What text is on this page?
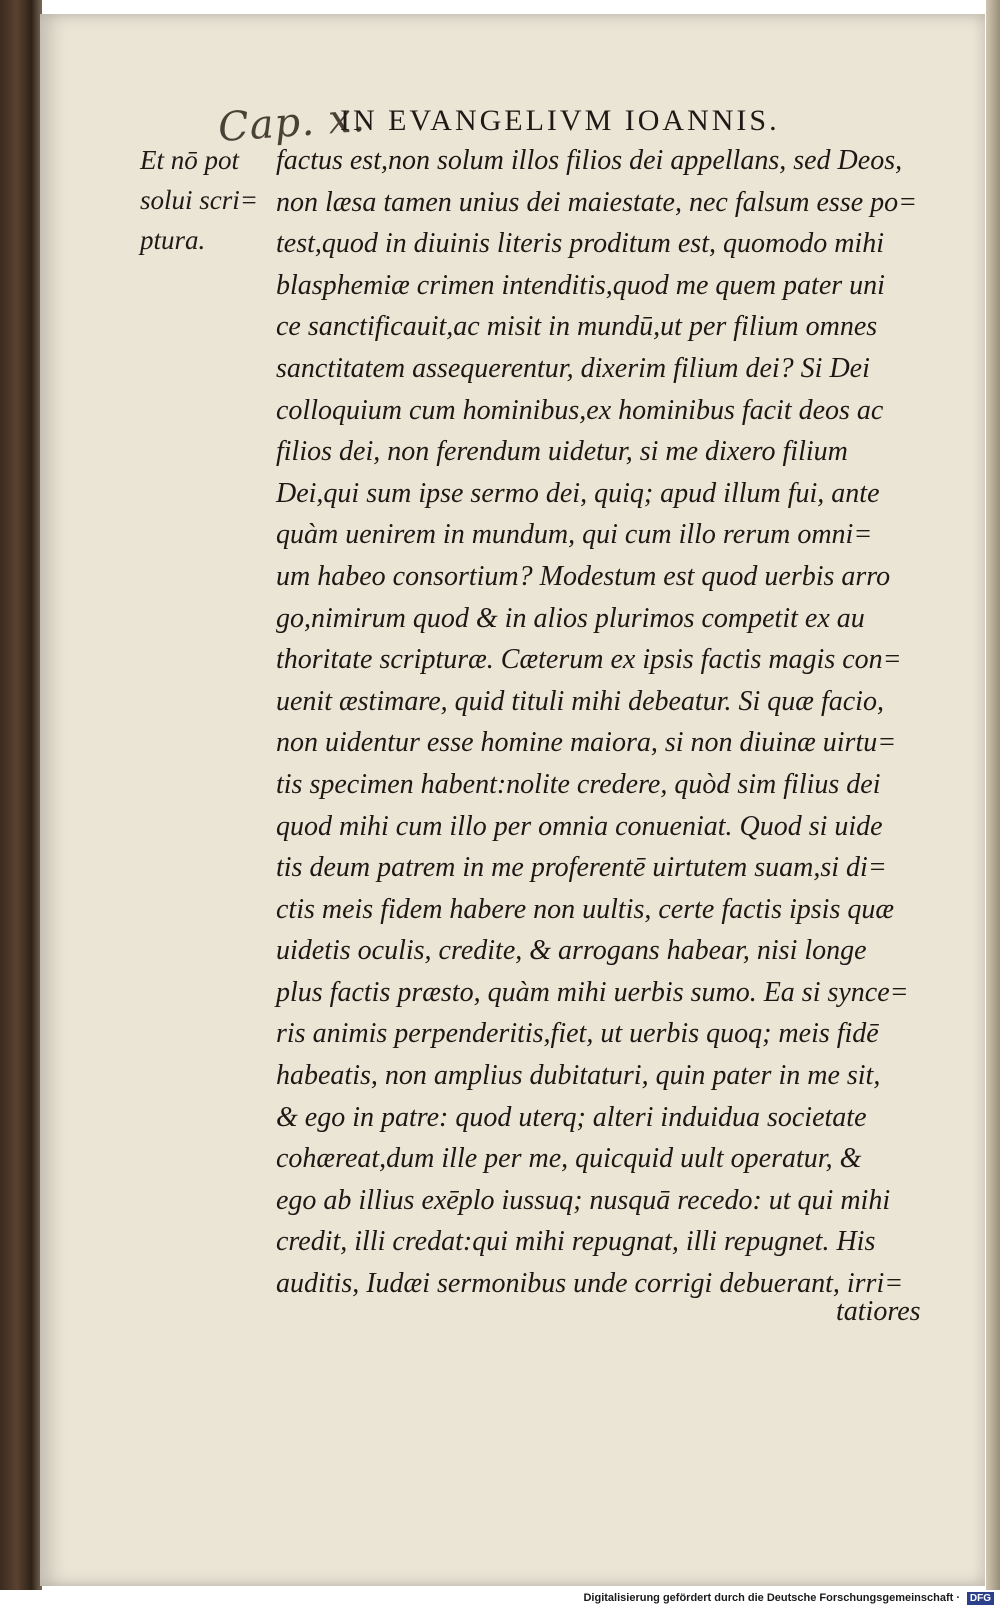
Cap. x.
IN EVANGELIVM IOANNIS.
Et nō pot
solui scri=
ptura.
factus est,non solum illos filios dei appellans, sed Deos,
non læsa tamen unius dei maiestate, nec falsum esse po=
test,quod in diuinis literis proditum est, quomodo mihi
blasphemiæ crimen intenditis,quod me quem pater uni
ce sanctificauit,ac misit in mundū,ut per filium omnes
sanctitatem assequerentur, dixerim filium dei? Si Dei
colloquium cum hominibus,ex hominibus facit deos ac
filios dei, non ferendum uidetur, si me dixero filium
Dei,qui sum ipse sermo dei, quiq; apud illum fui, ante
quàm uenirem in mundum, qui cum illo rerum omni=
um habeo consortium? Modestum est quod uerbis arro
go,nimirum quod & in alios plurimos competit ex au
thoritate scripturæ. Cæterum ex ipsis factis magis con=
uenit æstimare, quid tituli mihi debeatur. Si quæ facio,
non uidentur esse homine maiora, si non diuinæ uirtu=
tis specimen habent:nolite credere, quòd sim filius dei
quod mihi cum illo per omnia conueniat. Quod si uide
tis deum patrem in me proferentē uirtutem suam,si di=
ctis meis fidem habere non uultis, certe factis ipsis quæ
uidetis oculis, credite, & arrogans habear, nisi longe
plus factis præsto, quàm mihi uerbis sumo. Ea si synce=
ris animis perpenderitis,fiet, ut uerbis quoq; meis fidē
habeatis, non amplius dubitaturi, quin pater in me sit,
& ego in patre: quod uterq; alteri induidua societate
cohæreat,dum ille per me, quicquid uult operatur, &
ego ab illius exēplo iussuq; nusquā recedo: ut qui mihi
credit, illi credat:qui mihi repugnat, illi repugnet. His
auditis, Iudæi sermonibus unde corrigi debuerant, irri=
tatiores
Digitalisierung gefördert durch die Deutsche Forschungsgemeinschaft · DFG
